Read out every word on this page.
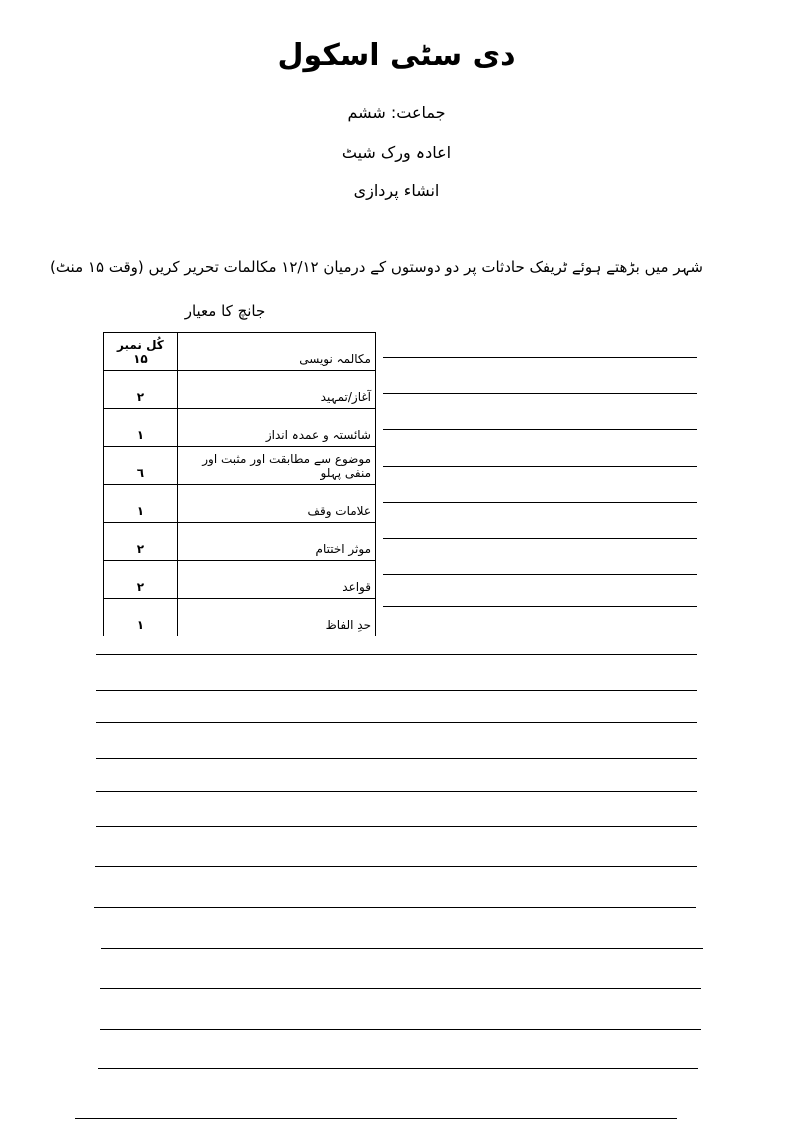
دی سٹی اسکول
جماعت: ششم
اعادہ ورک شیٹ
انشاء پردازی
شہر میں بڑھتے ہوئے ٹریفک حادثات پر دو دوستوں کے درمیان ۱۲/۱۲ مکالمات تحریر کریں (وقت ۱۵ منٹ)
جانچ کا معیار
مکالمہ نویسی	کُل نمبر ۱۵
آغاز/تمہید	۲
شائستہ و عمدہ انداز	۱
موضوع سے مطابقت اور مثبت اور منفی پہلو	٦
علامات وقف	۱
موثر اختتام	۲
قواعد	۲
حدِ الفاظ	۱
